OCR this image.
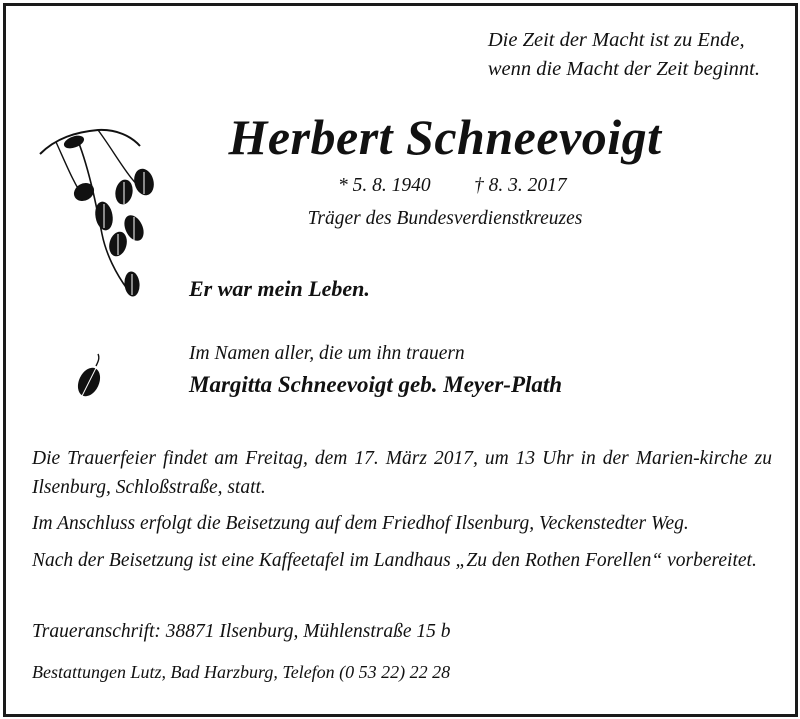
Die Zeit der Macht ist zu Ende,
wenn die Macht der Zeit beginnt.
Herbert Schneevoigt
* 5. 8. 1940 † 8. 3. 2017
Träger des Bundesverdienstkreuzes
Er war mein Leben.
Im Namen aller, die um ihn trauern
Margitta Schneevoigt geb. Meyer-Plath
Die Trauerfeier findet am Freitag, dem 17. März 2017, um 13 Uhr in der Marien-kirche zu Ilsenburg, Schloßstraße, statt.
Im Anschluss erfolgt die Beisetzung auf dem Friedhof Ilsenburg, Veckenstedter Weg.
Nach der Beisetzung ist eine Kaffeetafel im Landhaus „Zu den Rothen Forellen“ vorbereitet.
Traueranschrift: 38871 Ilsenburg, Mühlenstraße 15 b
Bestattungen Lutz, Bad Harzburg, Telefon (0 53 22) 22 28
